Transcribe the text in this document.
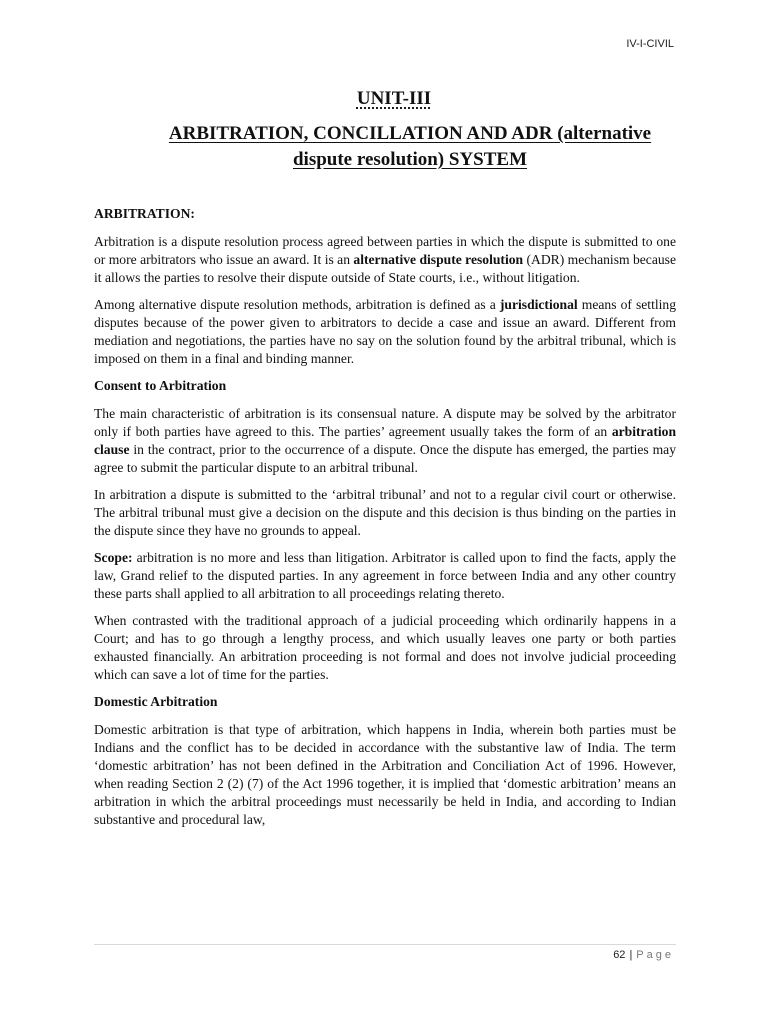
IV-I-CIVIL
UNIT-III
ARBITRATION, CONCILLATION AND ADR (alternative
dispute resolution) SYSTEM
ARBITRATION:

Arbitration is a dispute resolution process agreed between parties in which the dispute is submitted to one or more arbitrators who issue an award. It is an alternative dispute resolution (ADR) mechanism because it allows the parties to resolve their dispute outside of State courts, i.e., without litigation.

Among alternative dispute resolution methods, arbitration is defined as a jurisdictional means of settling disputes because of the power given to arbitrators to decide a case and issue an award. Different from mediation and negotiations, the parties have no say on the solution found by the arbitral tribunal, which is imposed on them in a final and binding manner.

Consent to Arbitration

The main characteristic of arbitration is its consensual nature. A dispute may be solved by the arbitrator only if both parties have agreed to this. The parties’ agreement usually takes the form of an arbitration clause in the contract, prior to the occurrence of a dispute. Once the dispute has emerged, the parties may agree to submit the particular dispute to an arbitral tribunal.

In arbitration a dispute is submitted to the ‘arbitral tribunal’ and not to a regular civil court or otherwise. The arbitral tribunal must give a decision on the dispute and this decision is thus binding on the parties in the dispute since they have no grounds to appeal.

Scope: arbitration is no more and less than litigation. Arbitrator is called upon to find the facts, apply the law, Grand relief to the disputed parties. In any agreement in force between India and any other country these parts shall applied to all arbitration to all proceedings relating thereto.

When contrasted with the traditional approach of a judicial proceeding which ordinarily happens in a Court; and has to go through a lengthy process, and which usually leaves one party or both parties exhausted financially. An arbitration proceeding is not formal and does not involve judicial proceeding which can save a lot of time for the parties.

Domestic Arbitration

Domestic arbitration is that type of arbitration, which happens in India, wherein both parties must be Indians and the conflict has to be decided in accordance with the substantive law of India. The term ‘domestic arbitration’ has not been defined in the Arbitration and Conciliation Act of 1996. However, when reading Section 2 (2) (7) of the Act 1996 together, it is implied that ‘domestic arbitration’ means an arbitration in which the arbitral proceedings must necessarily be held in India, and according to Indian substantive and procedural law,

62 | Page
